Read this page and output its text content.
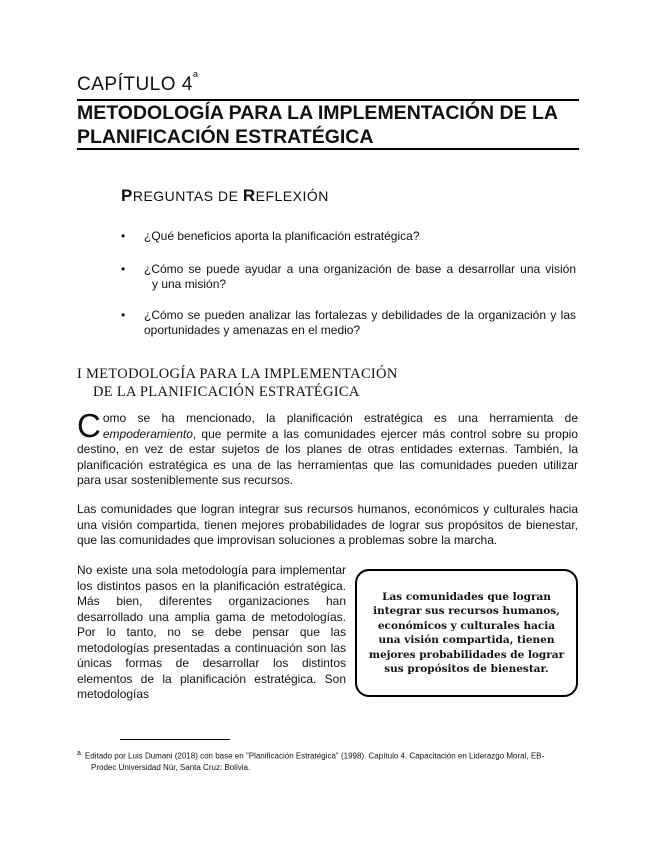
CAPÍTULO 4$^a$
METODOLOGÍA PARA LA IMPLEMENTACIÓN DE LA PLANIFICACIÓN ESTRATÉGICA
PREGUNTAS DE REFLEXIÓN
• ¿Qué beneficios aporta la planificación estratégica?
• ¿Cómo se puede ayudar a una organización de base a desarrollar una visión
y una misión?
• ¿Cómo se pueden analizar las fortalezas y debilidades de la organización y las oportunidades y amenazas en el medio?
I METODOLOGÍA PARA LA IMPLEMENTACIÓN
DE LA PLANIFICACIÓN ESTRATÉGICA
Como se ha mencionado, la planificación estratégica es una herramienta de empoderamiento, que permite a las comunidades ejercer más control sobre su propio destino, en vez de estar sujetos de los planes de otras entidades externas. También, la planificación estratégica es una de las herramientas que las comunidades pueden utilizar para usar sosteniblemente sus recursos.
Las comunidades que logran integrar sus recursos humanos, económicos y culturales hacia una visión compartida, tienen mejores probabilidades de lograr sus propósitos de bienestar, que las comunidades que improvisan soluciones a problemas sobre la marcha.
No existe una sola metodología para implementar los distintos pasos en la planificación estratégica. Más bien, diferentes organizaciones han desarrollado una amplia gama de metodologías. Por lo tanto, no se debe pensar que las metodologías presentadas a continuación son las únicas formas de desarrollar los distintos elementos de la planificación estratégica. Son metodologías
Las comunidades que logran integrar sus recursos humanos, económicos y culturales hacia una visión compartida, tienen mejores probabilidades de lograr sus propósitos de bienestar.
$^a$ Editado por Luis Dumani (2018) con base en "Planificación Estratégica" (1998). Capítulo 4. Capacitación en Liderazgo Moral, EB-
Prodec Universidad Núr, Santa Cruz: Bolivia.
